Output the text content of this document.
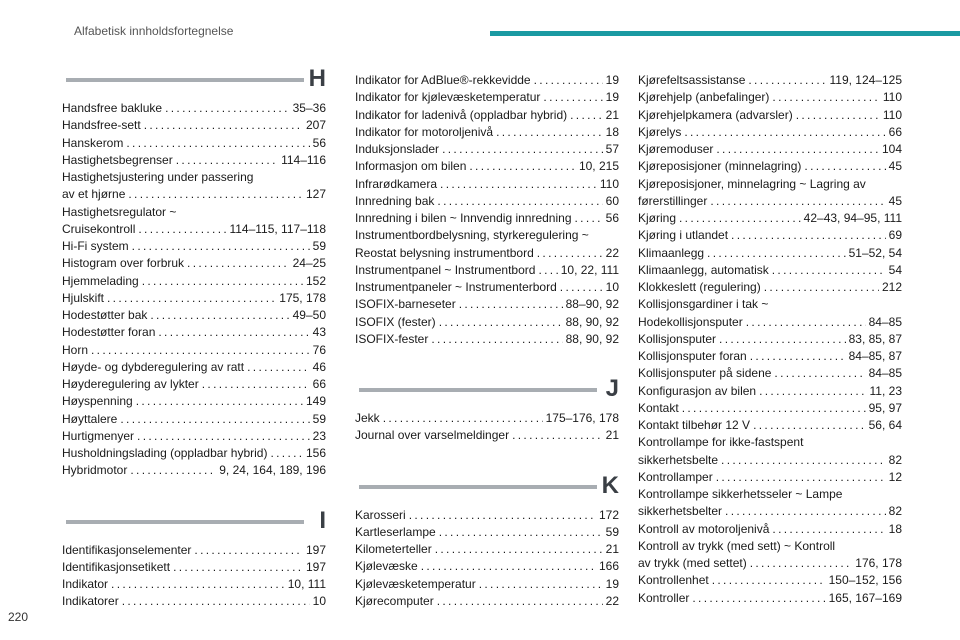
Alfabetisk innholdsfortegnelse
H
Handsfree bakluke . . .	35–36
Handsfree-sett . . .	207
Hanskerom . . .	56
Hastighetsbegrenser . . .	114–116
Hastighetsjustering under passering
av et hjørne . . .	127
Hastighetsregulator ~
Cruisekontroll . . .	114–115, 117–118
Hi-Fi system . . .	59
Histogram over forbruk . . .	24–25
Hjemmelading . . .	152
Hjulskift . . .	175, 178
Hodestøtter bak . . .	49–50
Hodestøtter foran . . .	43
Horn . . .	76
Høyde- og dybderegulering av ratt . . .	46
Høyderegulering av lykter . . .	66
Høyspenning . . .	149
Høyttalere . . .	59
Hurtigmenyer . . .	23
Husholdningslading (oppladbar hybrid) . . .	156
Hybridmotor . . .	9, 24, 164, 189, 196
I
Identifikasjonselementer . . .	197
Identifikasjonsetikett . . .	197
Indikator . . .	10, 111
Indikatorer . . .	10
Indikator for AdBlue®-rekkevidde . . .	19
Indikator for kjølevæsketemperatur . . .	19
Indikator for ladenivå (oppladbar hybrid) . . .	21
Indikator for motoroljenivå . . .	18
Induksjonslader . . .	57
Informasjon om bilen . . .	10, 215
Infrarødkamera . . .	110
Innredning bak . . .	60
Innredning i bilen ~ Innvendig innredning . . .	56
Instrumentbordbelysning, styrkeregulering ~
Reostat belysning instrumentbord . . .	22
Instrumentpanel ~ Instrumentbord . . . 10, 22, 111
Instrumentpaneler ~ Instrumenterbord . . .	10
ISOFIX-barneseter . . .	88–90, 92
ISOFIX (fester) . . .	88, 90, 92
ISOFIX-fester . . .	88, 90, 92
J
Jekk . . .	175–176, 178
Journal over varselmeldinger . . .	21
K
Karosseri . . .	172
Kartleserlampe . . .	59
Kilometerteller . . .	21
Kjølevæske . . .	166
Kjølevæsketemperatur . . .	19
Kjørecomputer . . .	22
Kjørefeltsassistanse . . .	119, 124–125
Kjørehjelp (anbefalinger) . . .	110
Kjørehjelpkamera (advarsler) . . .	110
Kjørelys . . .	66
Kjøremoduser . . .	104
Kjøreposisjoner (minnelagring) . . .	45
Kjøreposisjoner, minnelagring ~ Lagring av
førerstillinger . . .	45
Kjøring . . .	42–43, 94–95, 111
Kjøring i utlandet . . .	69
Klimaanlegg . . .	51–52, 54
Klimaanlegg, automatisk . . .	54
Klokkeslett (regulering) . . .	212
Kollisjonsgardiner i tak ~
Hodekollisjonsputer . . .	84–85
Kollisjonsputer . . .	83, 85, 87
Kollisjonsputer foran . . .	84–85, 87
Kollisjonsputer på sidene . . .	84–85
Konfigurasjon av bilen . . .	11, 23
Kontakt . . .	95, 97
Kontakt tilbehør 12 V . . .	56, 64
Kontrollampe for ikke-fastspent
sikkerhetsbelte . . .	82
Kontrollamper . . .	12
Kontrollampe sikkerhetsseler ~ Lampe
sikkerhetsbelter . . .	82
Kontroll av motoroljenivå . . .	18
Kontroll av trykk (med sett) ~ Kontroll
av trykk (med settet) . . .	176, 178
Kontrollenhet . . .	150–152, 156
Kontroller . . .	165, 167–169
220
